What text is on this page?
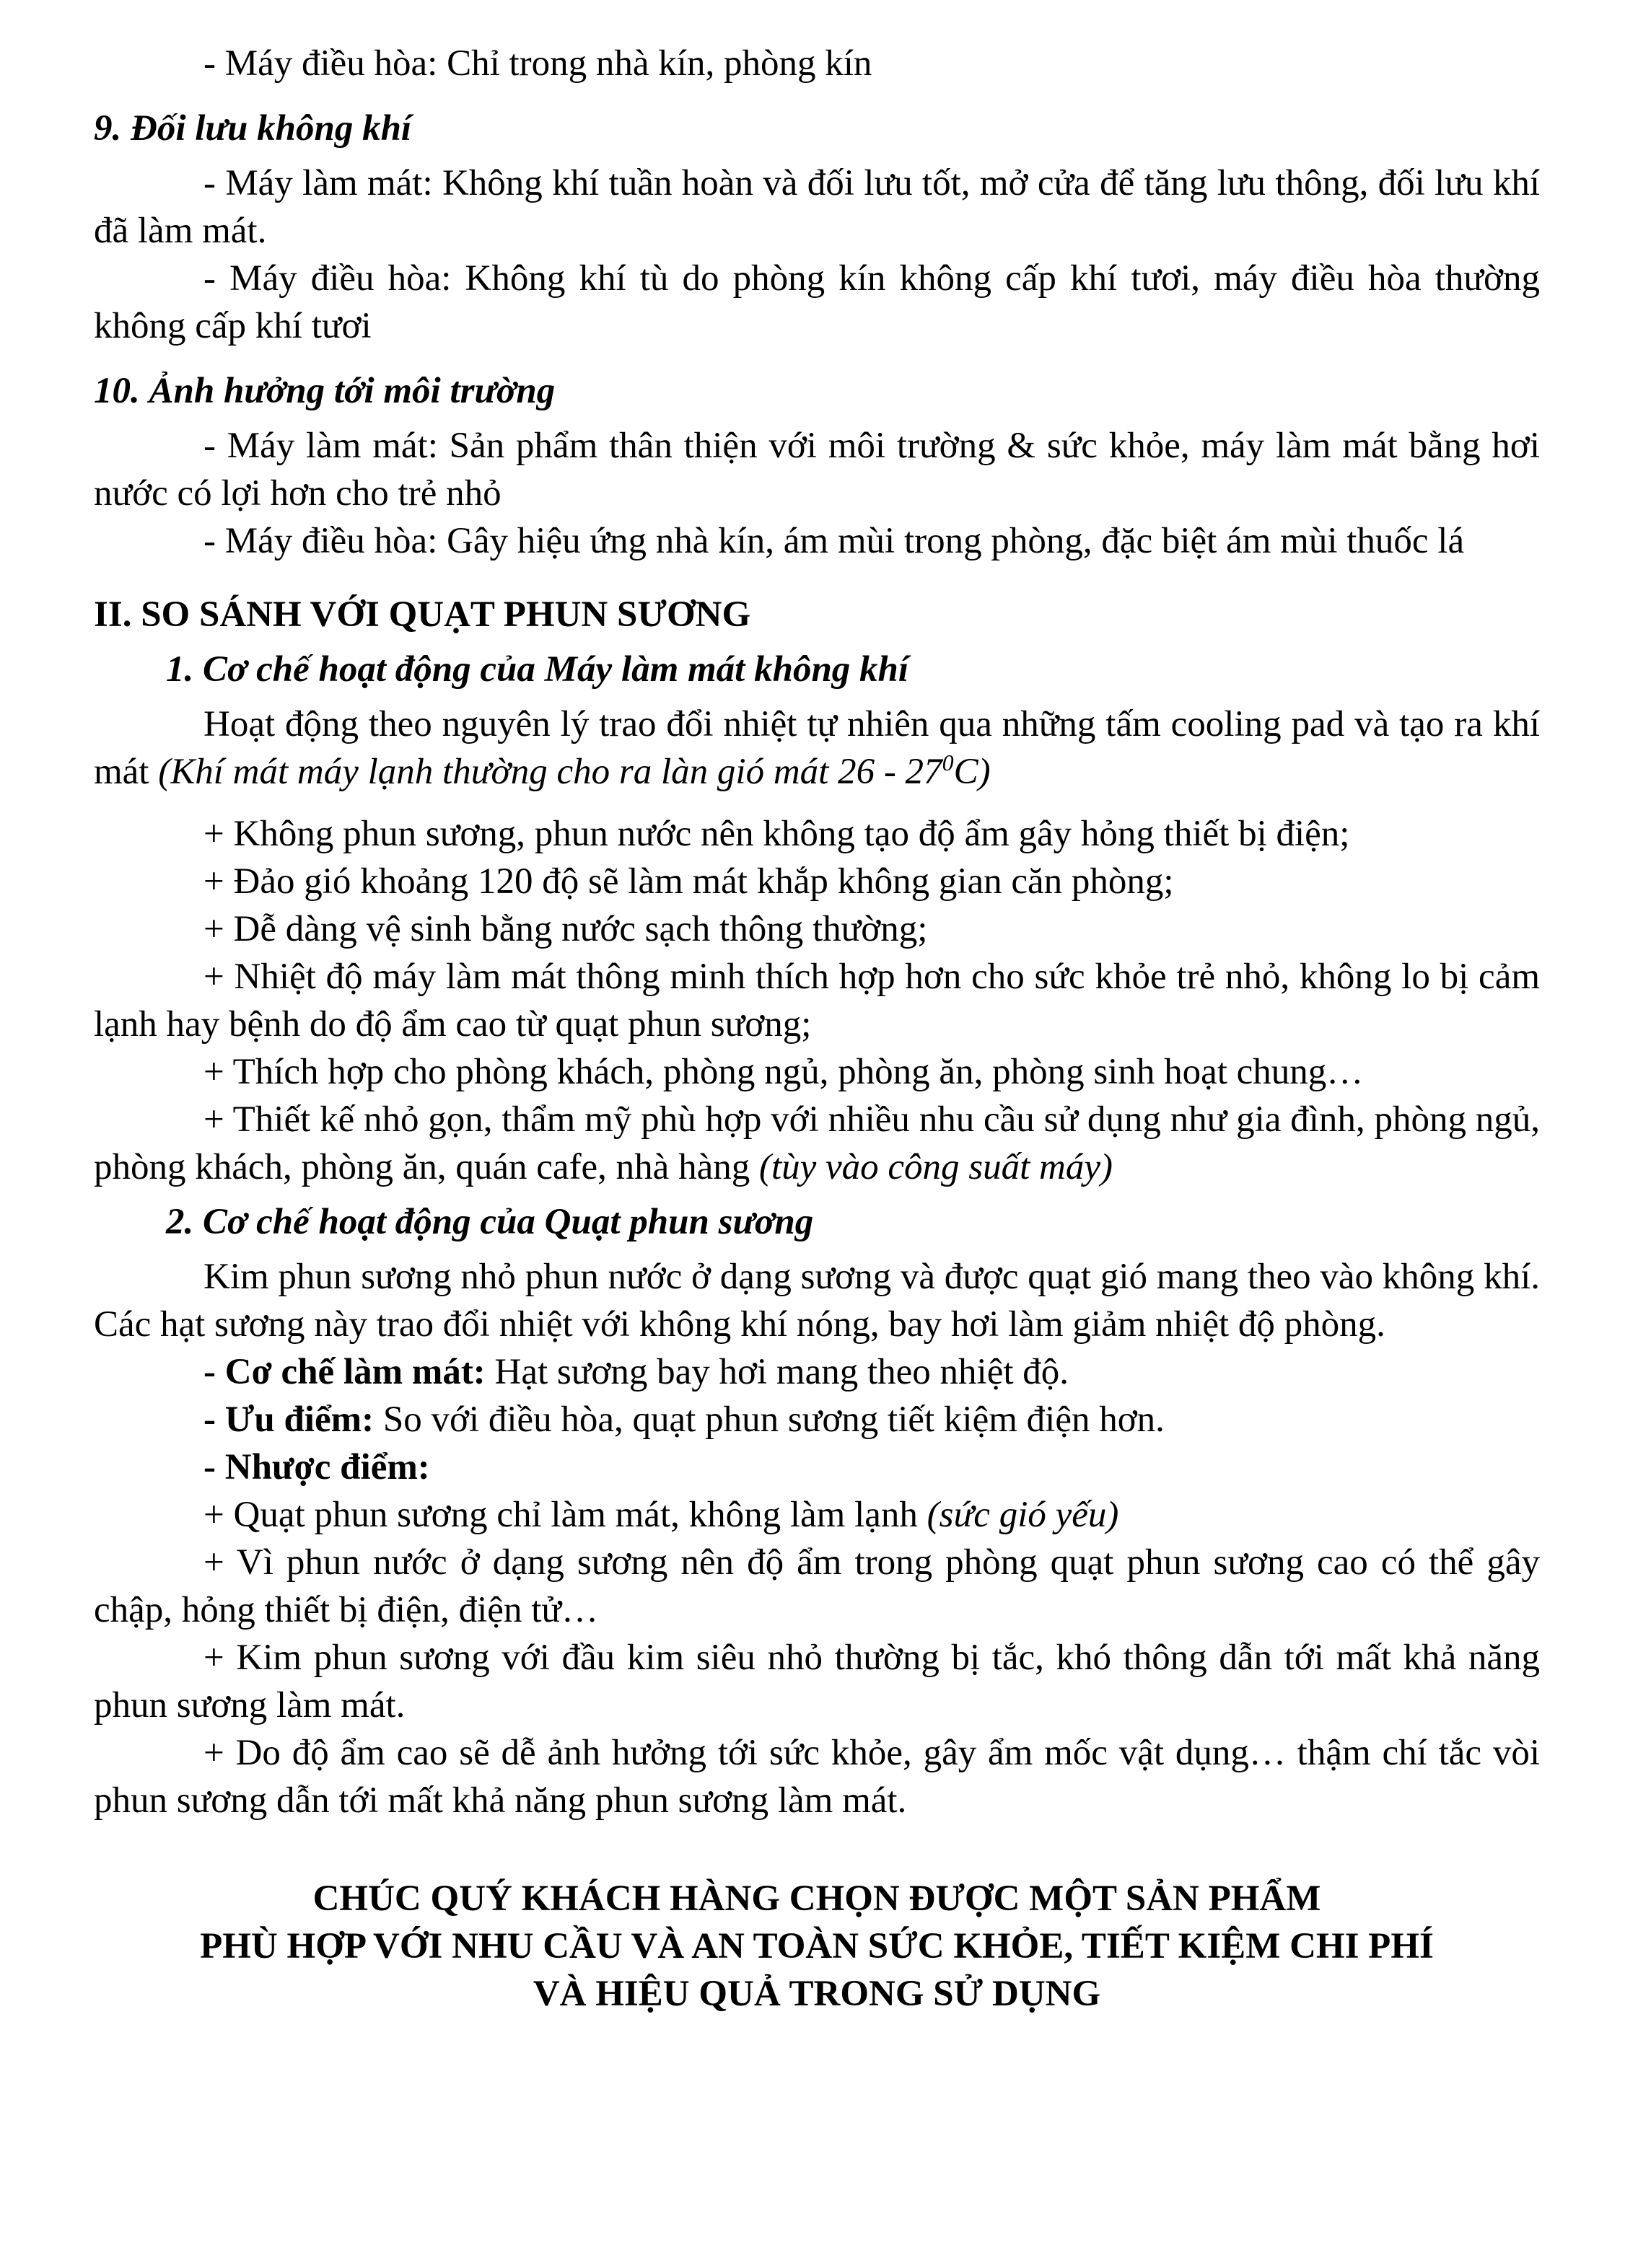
- Máy điều hòa: Chỉ trong nhà kín, phòng kín

9. Đối lưu không khí

- Máy làm mát: Không khí tuần hoàn và đối lưu tốt, mở cửa để tăng lưu thông, đối lưu khí đã làm mát.

- Máy điều hòa: Không khí tù do phòng kín không cấp khí tươi, máy điều hòa thường không cấp khí tươi

10. Ảnh hưởng tới môi trường

- Máy làm mát: Sản phẩm thân thiện với môi trường & sức khỏe, máy làm mát bằng hơi nước có lợi hơn cho trẻ nhỏ

- Máy điều hòa: Gây hiệu ứng nhà kín, ám mùi trong phòng, đặc biệt ám mùi thuốc lá

II. SO SÁNH VỚI QUẠT PHUN SƯƠNG

1. Cơ chế hoạt động của Máy làm mát không khí

Hoạt động theo nguyên lý trao đổi nhiệt tự nhiên qua những tấm cooling pad và tạo ra khí mát (Khí mát máy lạnh thường cho ra làn gió mát $26 - 27^0C$)

+ Không phun sương, phun nước nên không tạo độ ẩm gây hỏng thiết bị điện;

+ Đảo gió khoảng 120 độ sẽ làm mát khắp không gian căn phòng;

+ Dễ dàng vệ sinh bằng nước sạch thông thường;

+ Nhiệt độ máy làm mát thông minh thích hợp hơn cho sức khỏe trẻ nhỏ, không lo bị cảm lạnh hay bệnh do độ ẩm cao từ quạt phun sương;

+ Thích hợp cho phòng khách, phòng ngủ, phòng ăn, phòng sinh hoạt chung…

+ Thiết kế nhỏ gọn, thẩm mỹ phù hợp với nhiều nhu cầu sử dụng như gia đình, phòng ngủ, phòng khách, phòng ăn, quán cafe, nhà hàng (tùy vào công suất máy)

2. Cơ chế hoạt động của Quạt phun sương

Kim phun sương nhỏ phun nước ở dạng sương và được quạt gió mang theo vào không khí. Các hạt sương này trao đổi nhiệt với không khí nóng, bay hơi làm giảm nhiệt độ phòng.

- Cơ chế làm mát: Hạt sương bay hơi mang theo nhiệt độ.

- Ưu điểm: So với điều hòa, quạt phun sương tiết kiệm điện hơn.

- Nhược điểm:

+ Quạt phun sương chỉ làm mát, không làm lạnh (sức gió yếu)

+ Vì phun nước ở dạng sương nên độ ẩm trong phòng quạt phun sương cao có thể gây chập, hỏng thiết bị điện, điện tử…

+ Kim phun sương với đầu kim siêu nhỏ thường bị tắc, khó thông dẫn tới mất khả năng phun sương làm mát.

+ Do độ ẩm cao sẽ dễ ảnh hưởng tới sức khỏe, gây ẩm mốc vật dụng… thậm chí tắc vòi phun sương dẫn tới mất khả năng phun sương làm mát.

CHÚC QUÝ KHÁCH HÀNG CHỌN ĐƯỢC MỘT SẢN PHẨM
PHÙ HỢP VỚI NHU CẦU VÀ AN TOÀN SỨC KHỎE, TIẾT KIỆM CHI PHÍ
VÀ HIỆU QUẢ TRONG SỬ DỤNG
